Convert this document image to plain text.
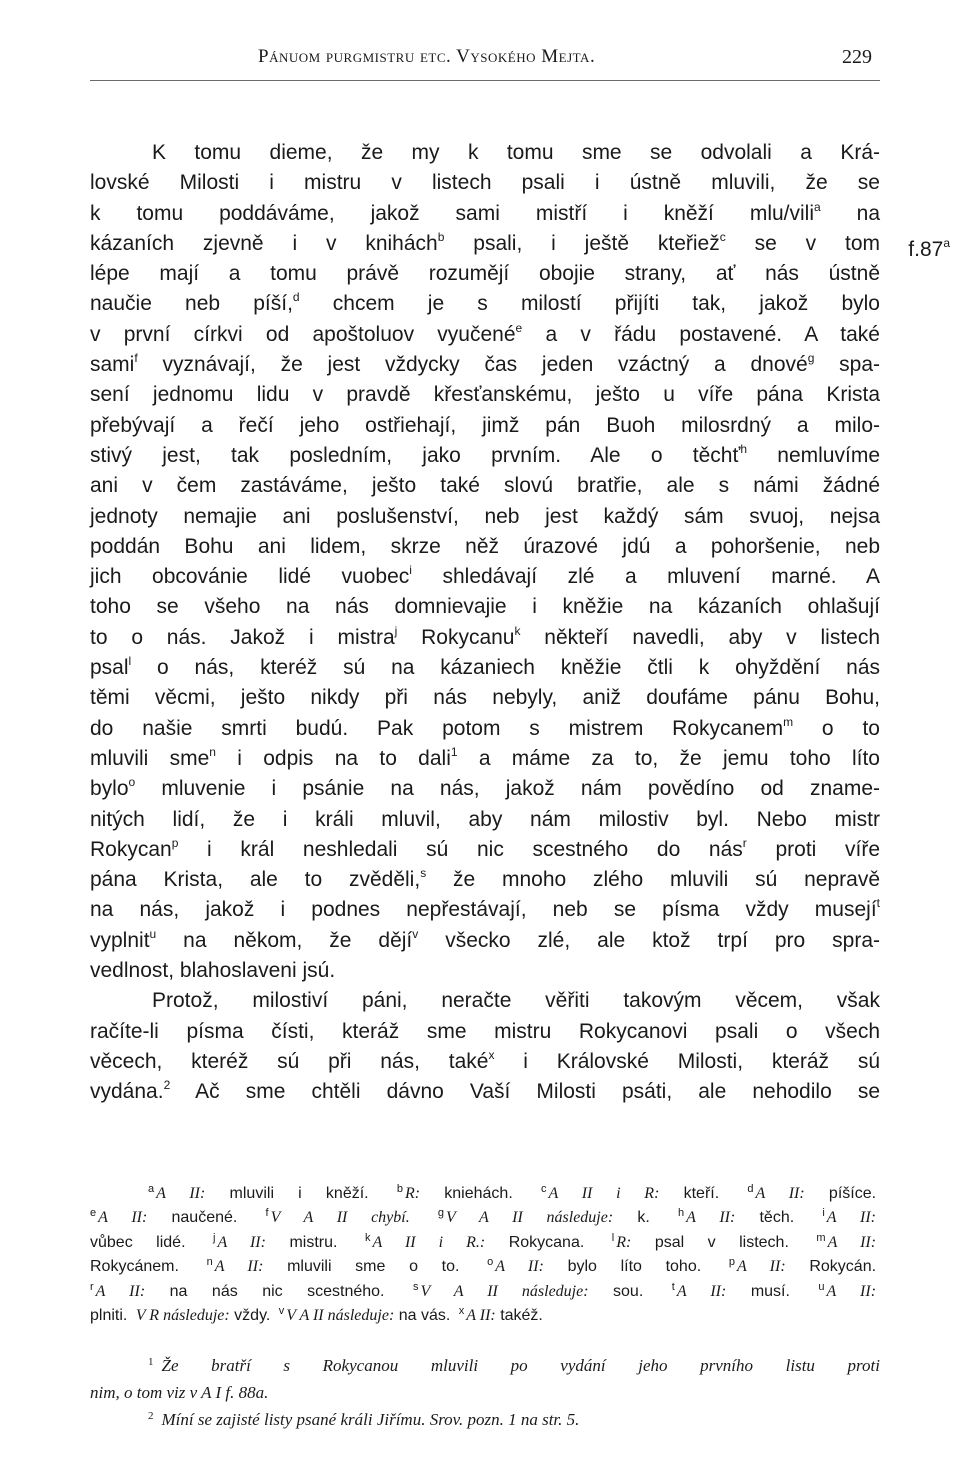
Pánuom purgmistru etc. Vysokého Mejta.	229
f.87$^a$
K tomu dieme, že my k tomu sme se odvolali a Krá-
lovské Milosti i mistru v listech psali i ústně mluvili, že se
k tomu poddáváme, jakož sami mistří i kněží mlu/vili$^a$ na
kázaních zjevně i v knihách$^b$ psali, i ještě kteřiež$^c$ se v tom
lépe mají a tomu právě rozumějí obojie strany, ať nás ústně
naučie neb píší,$^d$ chcem je s milostí přijíti tak, jakož bylo
v první církvi od apoštoluov vyučené$^e$ a v řádu postavené. A také
sami$^f$ vyznávají, že jest vždycky čas jeden vzáctný a dnové$^g$ spa-
sení jednomu lidu v pravdě křesťanskému, ješto u víře pána Krista
přebývají a řečí jeho ostřiehají, jimž pán Buoh milosrdný a milo-
stivý jest, tak posledním, jako prvním. Ale o těchť$^h$ nemluvíme
ani v čem zastáváme, ješto také slovú bratřie, ale s námi žádné
jednoty nemajie ani poslušenství, neb jest každý sám svuoj, nejsa
poddán Bohu ani lidem, skrze něž úrazové jdú a pohoršenie, neb
jich obcovánie lidé vuobec$^i$ shledávají zlé a mluvení marné. A
toho se všeho na nás domnievajie i kněžie na kázaních ohlašují
to o nás. Jakož i mistra$^j$ Rokycanu$^k$ někteří navedli, aby v listech
psal$^l$ o nás, kteréž sú na kázaniech kněžie čtli k ohyždění nás
těmi věcmi, ješto nikdy při nás nebyly, aniž doufáme pánu Bohu,
do našie smrti budú. Pak potom s mistrem Rokycanem$^m$ o to
mluvili sme$^n$ i odpis na to dali$^1$ a máme za to, že jemu toho líto
bylo$^o$ mluvenie i psánie na nás, jakož nám povědíno od zname-
nitých lidí, že i králi mluvil, aby nám milostiv byl. Nebo mistr
Rokycan$^p$ i král neshledali sú nic scestného do nás$^r$ proti víře
pána Krista, ale to zvěděli,$^s$ že mnoho zlého mluvili sú nepravě
na nás, jakož i podnes nepřestávají, neb se písma vždy musejí$^t$
vyplnit$^u$ na někom, že dějí$^v$ všecko zlé, ale ktož trpí pro spra-
vedlnost, blahoslaveni jsú.
Protož, milostiví páni, neračte věřiti takovým věcem, však
račíte-li písma čísti, kteráž sme mistru Rokycanovi psali o všech
věcech, kteréž sú při nás, také$^x$ i Královské Milosti, kteráž sú
vydána.$^2$ Ač sme chtěli dávno Vaší Milosti psáti, ale nehodilo se
$^a$ A II: mluvili i kněží.	$^b$ R: kniehách.	$^c$ A II i R: kteří.	$^d$ A II: píšíce.
$^e$ A II: naučené.	$^f$ V A II chybí.	$^g$ V A II následuje: k.	$^h$ A II: těch.	$^i$ A II:
vůbec lidé. $^j$ A II: mistru. $^k$ A II i R.: Rokycana. $^l$ R: psal v listech. $^m$ A II:
Rokycánem.	$^n$ A II: mluvili sme o to.	$^o$ A II: bylo líto toho.	$^p$ A II: Rokycán.
$^r$ A II: na nás nic scestného.	$^s$ V A II následuje: sou.	$^t$ A II: musí.	$^u$ A II:
plniti. V R následuje: vždy. $^v$ V A II následuje: na vás. $^x$ A II: takéž.
$^1$ Že bratří s Rokycanou mluvili po vydání jeho prvního listu proti
nim, o tom viz v A I f. 88a.
$^2$ Míní se zajisté listy psané králi Jiřímu. Srov. pozn. 1 na str. 5.
